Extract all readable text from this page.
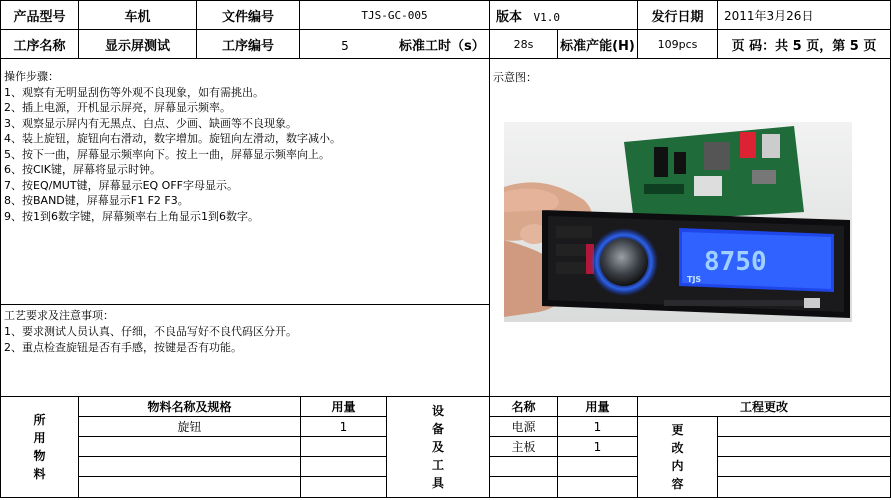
产品型号	车机	文件编号	TJS-GC-005	版本 V1.0		发行日期	2011年3月26日
工序名称	显示屏测试	工序编号	5 标准工时（s）	28s	标准产能(H)	109pcs	页 码：共 5 页，第 5 页
操作步骤：
1、观察有无明显刮伤等外观不良现象，如有需挑出。
2、插上电源，开机显示屏亮，屏幕显示频率。
3、观察显示屏内有无黑点、白点、少画、缺画等不良现象。
4、装上旋钮，旋钮向右滑动，数字增加。旋钮向左滑动，数字减小。
5、按下一曲，屏幕显示频率向下。按上一曲，屏幕显示频率向上。
6、按ClK键，屏幕将显示时钟。
7、按EQ/MUT键，屏幕显示EQ OFF字母显示。
8、按BAND键，屏幕显示F1 F2 F3。
9、按1到6数字键，屏幕频率右上角显示1到6数字。

示意图：

工艺要求及注意事项：
1、要求测试人员认真、仔细，不良品写好不良代码区分开。
2、重点检查旋钮是否有手感，按键是否有功能。
8750
TJS
所用物料	物料名称及规格	用量	设备及工具	名称	用量	工程更改	
	旋钮	1		电源	1	更改内容	

				主板	1		
